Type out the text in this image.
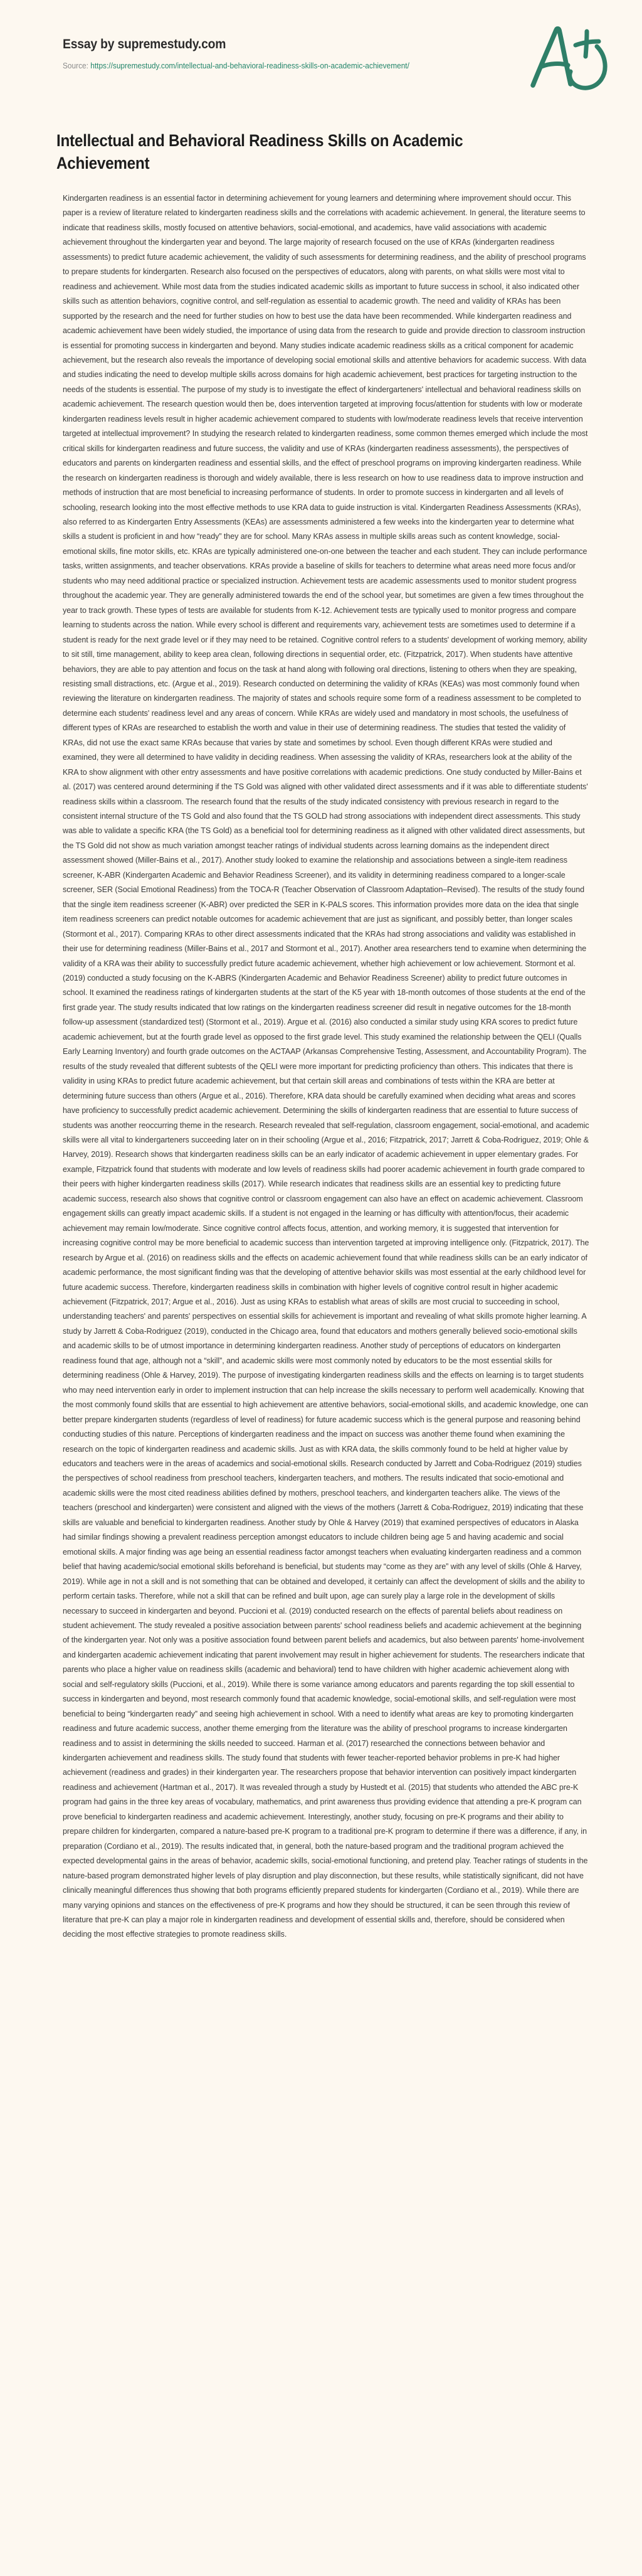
Essay by supremestudy.com
Source: https://supremestudy.com/intellectual-and-behavioral-readiness-skills-on-academic-achievement/
Intellectual and Behavioral Readiness Skills on Academic Achievement

Kindergarten readiness is an essential factor in determining achievement for young learners and determining where improvement should occur. This paper is a review of literature related to kindergarten readiness skills and the correlations with academic achievement. In general, the literature seems to indicate that readiness skills, mostly focused on attentive behaviors, social-emotional, and academics, have valid associations with academic achievement throughout the kindergarten year and beyond. The large majority of research focused on the use of KRAs (kindergarten readiness assessments) to predict future academic achievement, the validity of such assessments for determining readiness, and the ability of preschool programs to prepare students for kindergarten. Research also focused on the perspectives of educators, along with parents, on what skills were most vital to readiness and achievement. While most data from the studies indicated academic skills as important to future success in school, it also indicated other skills such as attention behaviors, cognitive control, and self-regulation as essential to academic growth. The need and validity of KRAs has been supported by the research and the need for further studies on how to best use the data have been recommended. While kindergarten readiness and academic achievement have been widely studied, the importance of using data from the research to guide and provide direction to classroom instruction is essential for promoting success in kindergarten and beyond. Many studies indicate academic readiness skills as a critical component for academic achievement, but the research also reveals the importance of developing social emotional skills and attentive behaviors for academic success. With data and studies indicating the need to develop multiple skills across domains for high academic achievement, best practices for targeting instruction to the needs of the students is essential. The purpose of my study is to investigate the effect of kindergarteners' intellectual and behavioral readiness skills on academic achievement. The research question would then be, does intervention targeted at improving focus/attention for students with low or moderate kindergarten readiness levels result in higher academic achievement compared to students with low/moderate readiness levels that receive intervention targeted at intellectual improvement? In studying the research related to kindergarten readiness, some common themes emerged which include the most critical skills for kindergarten readiness and future success, the validity and use of KRAs (kindergarten readiness assessments), the perspectives of educators and parents on kindergarten readiness and essential skills, and the effect of preschool programs on improving kindergarten readiness. While the research on kindergarten readiness is thorough and widely available, there is less research on how to use readiness data to improve instruction and methods of instruction that are most beneficial to increasing performance of students. In order to promote success in kindergarten and all levels of schooling, research looking into the most effective methods to use KRA data to guide instruction is vital. Kindergarten Readiness Assessments (KRAs), also referred to as Kindergarten Entry Assessments (KEAs) are assessments administered a few weeks into the kindergarten year to determine what skills a student is proficient in and how “ready” they are for school. Many KRAs assess in multiple skills areas such as content knowledge, social-emotional skills, fine motor skills, etc. KRAs are typically administered one-on-one between the teacher and each student. They can include performance tasks, written assignments, and teacher observations. KRAs provide a baseline of skills for teachers to determine what areas need more focus and/or students who may need additional practice or specialized instruction. Achievement tests are academic assessments used to monitor student progress throughout the academic year. They are generally administered towards the end of the school year, but sometimes are given a few times throughout the year to track growth. These types of tests are available for students from K-12. Achievement tests are typically used to monitor progress and compare learning to students across the nation. While every school is different and requirements vary, achievement tests are sometimes used to determine if a student is ready for the next grade level or if they may need to be retained. Cognitive control refers to a students' development of working memory, ability to sit still, time management, ability to keep area clean, following directions in sequential order, etc. (Fitzpatrick, 2017). When students have attentive behaviors, they are able to pay attention and focus on the task at hand along with following oral directions, listening to others when they are speaking, resisting small distractions, etc. (Argue et al., 2019). Research conducted on determining the validity of KRAs (KEAs) was most commonly found when reviewing the literature on kindergarten readiness. The majority of states and schools require some form of a readiness assessment to be completed to determine each students' readiness level and any areas of concern. While KRAs are widely used and mandatory in most schools, the usefulness of different types of KRAs are researched to establish the worth and value in their use of determining readiness. The studies that tested the validity of KRAs, did not use the exact same KRAs because that varies by state and sometimes by school. Even though different KRAs were studied and examined, they were all determined to have validity in deciding readiness. When assessing the validity of KRAs, researchers look at the ability of the KRA to show alignment with other entry assessments and have positive correlations with academic predictions. One study conducted by Miller-Bains et al. (2017) was centered around determining if the TS Gold was aligned with other validated direct assessments and if it was able to differentiate students' readiness skills within a classroom. The research found that the results of the study indicated consistency with previous research in regard to the consistent internal structure of the TS Gold and also found that the TS GOLD had strong associations with independent direct assessments. This study was able to validate a specific KRA (the TS Gold) as a beneficial tool for determining readiness as it aligned with other validated direct assessments, but the TS Gold did not show as much variation amongst teacher ratings of individual students across learning domains as the independent direct assessment showed (Miller-Bains et al., 2017). Another study looked to examine the relationship and associations between a single-item readiness screener, K-ABR (Kindergarten Academic and Behavior Readiness Screener), and its validity in determining readiness compared to a longer-scale screener, SER (Social Emotional Readiness) from the TOCA-R (Teacher Observation of Classroom Adaptation–Revised). The results of the study found that the single item readiness screener (K-ABR) over predicted the SER in K-PALS scores. This information provides more data on the idea that single item readiness screeners can predict notable outcomes for academic achievement that are just as significant, and possibly better, than longer scales (Stormont et al., 2017). Comparing KRAs to other direct assessments indicated that the KRAs had strong associations and validity was established in their use for determining readiness (Miller-Bains et al., 2017 and Stormont et al., 2017). Another area researchers tend to examine when determining the validity of a KRA was their ability to successfully predict future academic achievement, whether high achievement or low achievement. Stormont et al. (2019) conducted a study focusing on the K-ABRS (Kindergarten Academic and Behavior Readiness Screener) ability to predict future outcomes in school. It examined the readiness ratings of kindergarten students at the start of the K5 year with 18-month outcomes of those students at the end of the first grade year. The study results indicated that low ratings on the kindergarten readiness screener did result in negative outcomes for the 18-month follow-up assessment (standardized test) (Stormont et al., 2019). Argue et al. (2016) also conducted a similar study using KRA scores to predict future academic achievement, but at the fourth grade level as opposed to the first grade level. This study examined the relationship between the QELI (Qualls Early Learning Inventory) and fourth grade outcomes on the ACTAAP (Arkansas Comprehensive Testing, Assessment, and Accountability Program). The results of the study revealed that different subtests of the QELI were more important for predicting proficiency than others. This indicates that there is validity in using KRAs to predict future academic achievement, but that certain skill areas and combinations of tests within the KRA are better at determining future success than others (Argue et al., 2016). Therefore, KRA data should be carefully examined when deciding what areas and scores have proficiency to successfully predict academic achievement. Determining the skills of kindergarten readiness that are essential to future success of students was another reoccurring theme in the research. Research revealed that self-regulation, classroom engagement, social-emotional, and academic skills were all vital to kindergarteners succeeding later on in their schooling (Argue et al., 2016; Fitzpatrick, 2017; Jarrett & Coba-Rodriguez, 2019; Ohle & Harvey, 2019). Research shows that kindergarten readiness skills can be an early indicator of academic achievement in upper elementary grades. For example, Fitzpatrick found that students with moderate and low levels of readiness skills had poorer academic achievement in fourth grade compared to their peers with higher kindergarten readiness skills (2017). While research indicates that readiness skills are an essential key to predicting future academic success, research also shows that cognitive control or classroom engagement can also have an effect on academic achievement. Classroom engagement skills can greatly impact academic skills. If a student is not engaged in the learning or has difficulty with attention/focus, their academic achievement may remain low/moderate. Since cognitive control affects focus, attention, and working memory, it is suggested that intervention for increasing cognitive control may be more beneficial to academic success than intervention targeted at improving intelligence only. (Fitzpatrick, 2017). The research by Argue et al. (2016) on readiness skills and the effects on academic achievement found that while readiness skills can be an early indicator of academic performance, the most significant finding was that the developing of attentive behavior skills was most essential at the early childhood level for future academic success. Therefore, kindergarten readiness skills in combination with higher levels of cognitive control result in higher academic achievement (Fitzpatrick, 2017; Argue et al., 2016). Just as using KRAs to establish what areas of skills are most crucial to succeeding in school, understanding teachers' and parents' perspectives on essential skills for achievement is important and revealing of what skills promote higher learning. A study by Jarrett & Coba-Rodriguez (2019), conducted in the Chicago area, found that educators and mothers generally believed socio-emotional skills and academic skills to be of utmost importance in determining kindergarten readiness. Another study of perceptions of educators on kindergarten readiness found that age, although not a “skill”, and academic skills were most commonly noted by educators to be the most essential skills for determining readiness (Ohle & Harvey, 2019). The purpose of investigating kindergarten readiness skills and the effects on learning is to target students who may need intervention early in order to implement instruction that can help increase the skills necessary to perform well academically. Knowing that the most commonly found skills that are essential to high achievement are attentive behaviors, social-emotional skills, and academic knowledge, one can better prepare kindergarten students (regardless of level of readiness) for future academic success which is the general purpose and reasoning behind conducting studies of this nature. Perceptions of kindergarten readiness and the impact on success was another theme found when examining the research on the topic of kindergarten readiness and academic skills. Just as with KRA data, the skills commonly found to be held at higher value by educators and teachers were in the areas of academics and social-emotional skills. Research conducted by Jarrett and Coba-Rodriguez (2019) studies the perspectives of school readiness from preschool teachers, kindergarten teachers, and mothers. The results indicated that socio-emotional and academic skills were the most cited readiness abilities defined by mothers, preschool teachers, and kindergarten teachers alike. The views of the teachers (preschool and kindergarten) were consistent and aligned with the views of the mothers (Jarrett & Coba-Rodriguez, 2019) indicating that these skills are valuable and beneficial to kindergarten readiness. Another study by Ohle & Harvey (2019) that examined perspectives of educators in Alaska had similar findings showing a prevalent readiness perception amongst educators to include children being age 5 and having academic and social emotional skills. A major finding was age being an essential readiness factor amongst teachers when evaluating kindergarten readiness and a common belief that having academic/social emotional skills beforehand is beneficial, but students may “come as they are” with any level of skills (Ohle & Harvey, 2019). While age in not a skill and is not something that can be obtained and developed, it certainly can affect the development of skills and the ability to perform certain tasks. Therefore, while not a skill that can be refined and built upon, age can surely play a large role in the development of skills necessary to succeed in kindergarten and beyond. Puccioni et al. (2019) conducted research on the effects of parental beliefs about readiness on student achievement. The study revealed a positive association between parents' school readiness beliefs and academic achievement at the beginning of the kindergarten year. Not only was a positive association found between parent beliefs and academics, but also between parents' home-involvement and kindergarten academic achievement indicating that parent involvement may result in higher achievement for students. The researchers indicate that parents who place a higher value on readiness skills (academic and behavioral) tend to have children with higher academic achievement along with social and self-regulatory skills (Puccioni, et al., 2019). While there is some variance among educators and parents regarding the top skill essential to success in kindergarten and beyond, most research commonly found that academic knowledge, social-emotional skills, and self-regulation were most beneficial to being “kindergarten ready” and seeing high achievement in school. With a need to identify what areas are key to promoting kindergarten readiness and future academic success, another theme emerging from the literature was the ability of preschool programs to increase kindergarten readiness and to assist in determining the skills needed to succeed. Harman et al. (2017) researched the connections between behavior and kindergarten achievement and readiness skills. The study found that students with fewer teacher-reported behavior problems in pre-K had higher achievement (readiness and grades) in their kindergarten year. The researchers propose that behavior intervention can positively impact kindergarten readiness and achievement (Hartman et al., 2017). It was revealed through a study by Hustedt et al. (2015) that students who attended the ABC pre-K program had gains in the three key areas of vocabulary, mathematics, and print awareness thus providing evidence that attending a pre-K program can prove beneficial to kindergarten readiness and academic achievement. Interestingly, another study, focusing on pre-K programs and their ability to prepare children for kindergarten, compared a nature-based pre-K program to a traditional pre-K program to determine if there was a difference, if any, in preparation (Cordiano et al., 2019). The results indicated that, in general, both the nature-based program and the traditional program achieved the expected developmental gains in the areas of behavior, academic skills, social-emotional functioning, and pretend play. Teacher ratings of students in the nature-based program demonstrated higher levels of play disruption and play disconnection, but these results, while statistically significant, did not have clinically meaningful differences thus showing that both programs efficiently prepared students for kindergarten (Cordiano et al., 2019). While there are many varying opinions and stances on the effectiveness of pre-K programs and how they should be structured, it can be seen through this review of literature that pre-K can play a major role in kindergarten readiness and development of essential skills and, therefore, should be considered when deciding the most effective strategies to promote readiness skills.
